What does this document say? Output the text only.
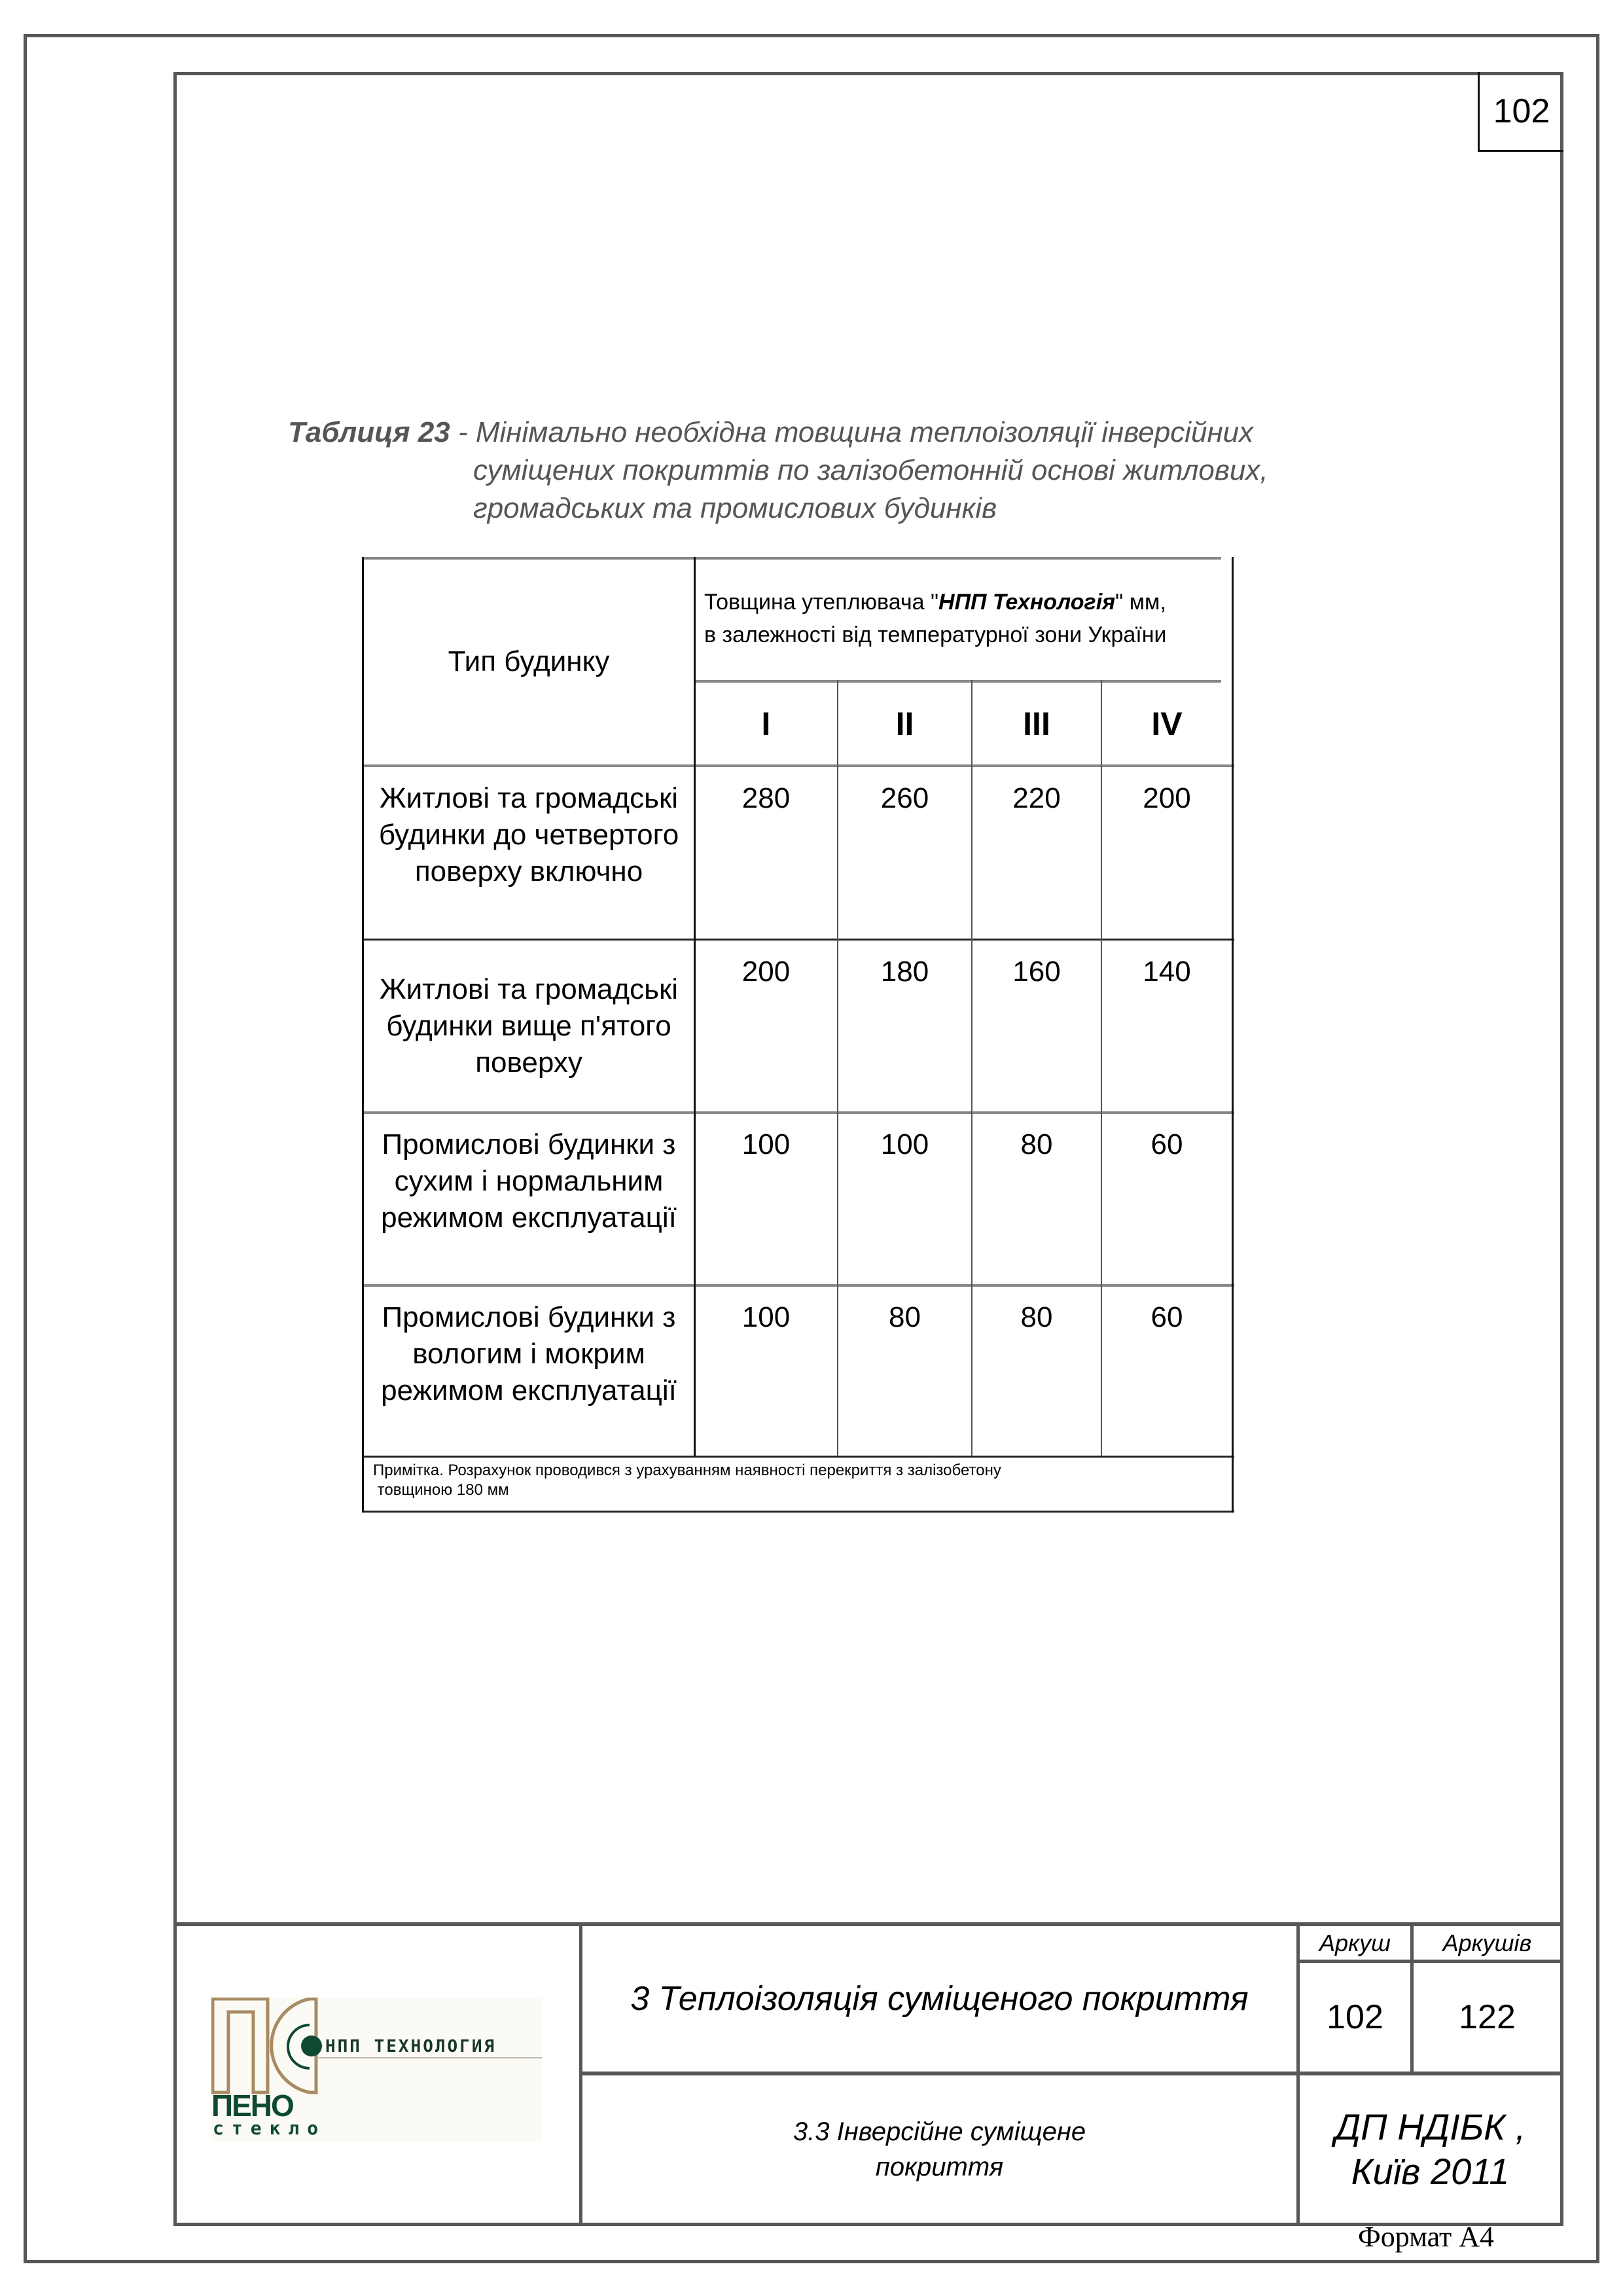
102
Таблиця 23 - Мінімально необхідна товщина теплоізоляції інверсійних
суміщених покриттів по залізобетонній основі житлових,
громадських та промислових будинків
Тип будинку
Товщина утеплювача "НПП Технологія" мм,
в залежності від температурної зони України
I	II	III	IV
Житлові та громадські будинки до четвертого поверху включно
280	260	220	200
Житлові та громадські будинки вище п'ятого поверху
200	180	160	140
Промислові будинки з сухим і нормальним режимом експлуатації
100	100	80	60
Промислові будинки з вологим і мокрим режимом експлуатації
100	80	80	60
Примітка. Розрахунок проводився з урахуванням наявності перекриття з залізобетону
товщиною 180 мм
НПП ТЕХНОЛОГИЯ
ПЕНО
стекло
3 Теплоізоляція суміщеного покриття
Аркуш	Аркушів
102	122
3.3 Інверсійне суміщене
покриття
ДП НДІБК ,
Київ 2011
Формат А4
